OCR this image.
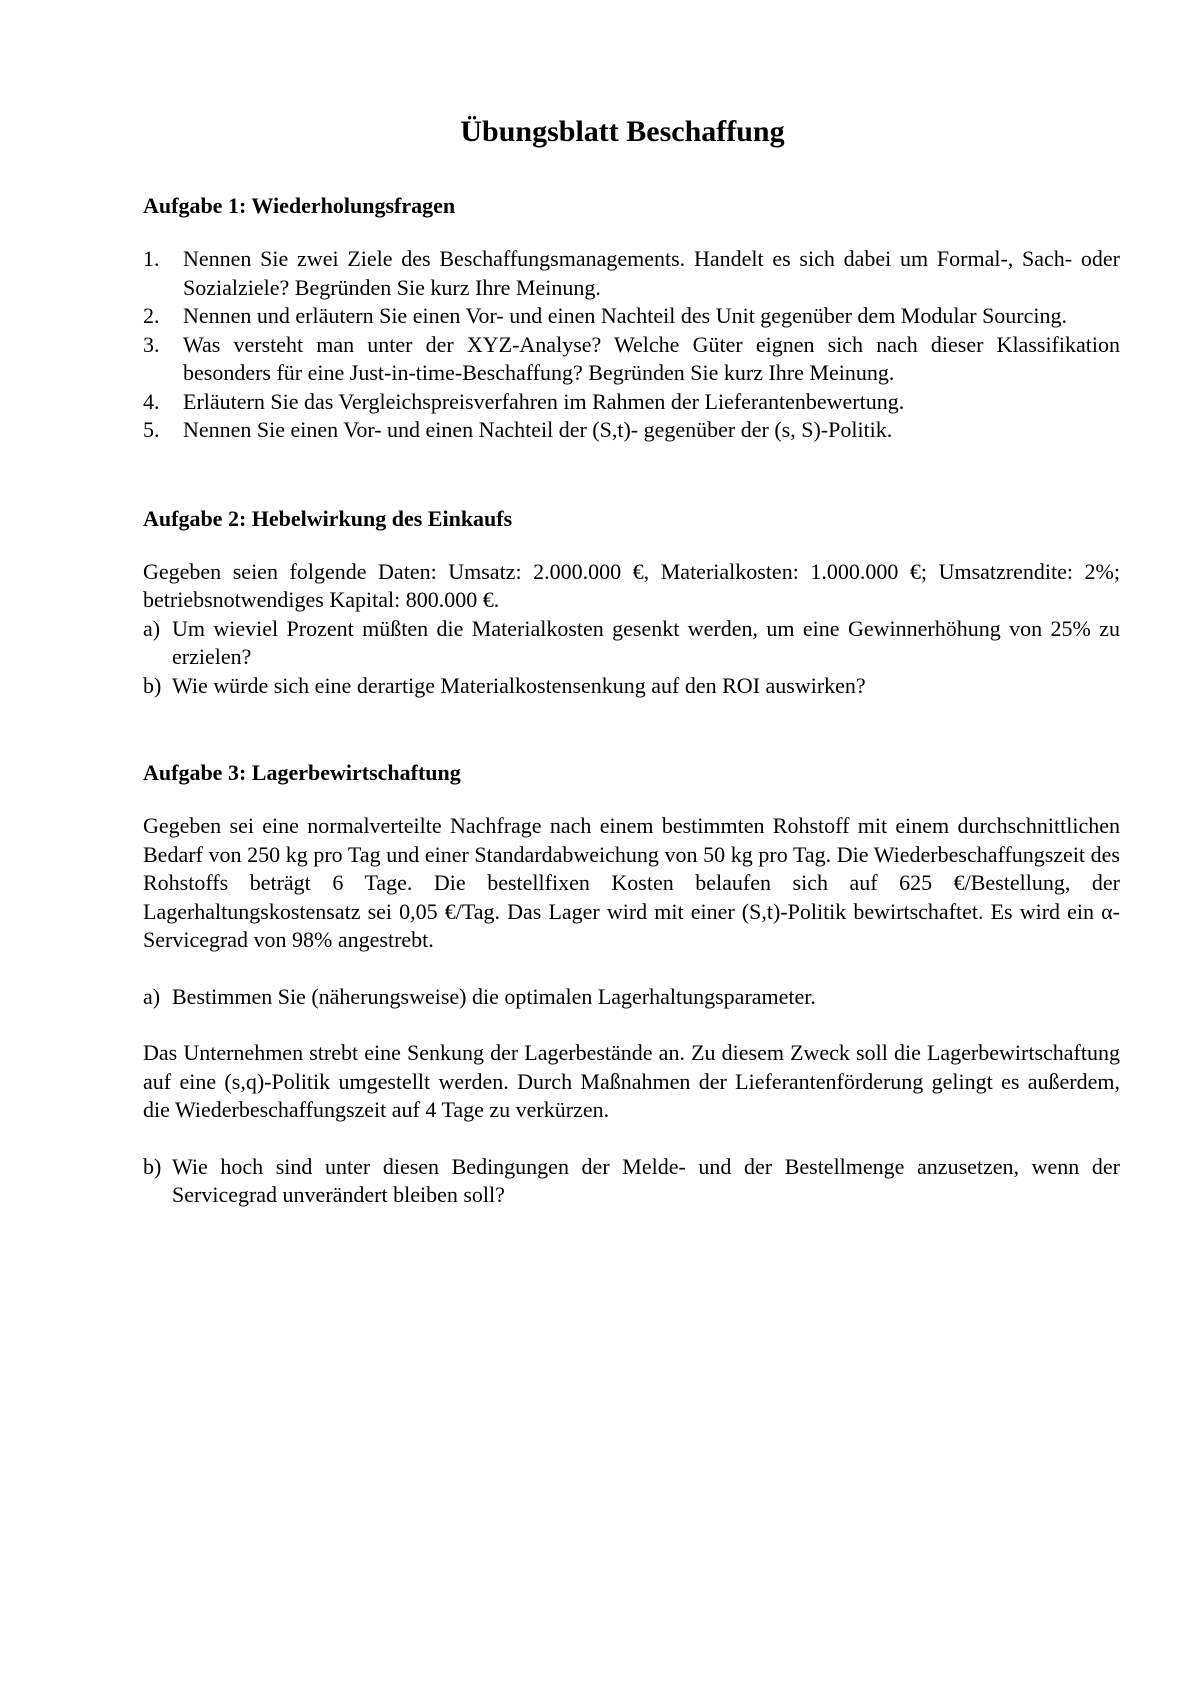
Übungsblatt Beschaffung
Aufgabe 1: Wiederholungsfragen
1. Nennen Sie zwei Ziele des Beschaffungsmanagements. Handelt es sich dabei um Formal-, Sach- oder Sozialziele? Begründen Sie kurz Ihre Meinung.
2. Nennen und erläutern Sie einen Vor- und einen Nachteil des Unit gegenüber dem Modular Sourcing.
3. Was versteht man unter der XYZ-Analyse? Welche Güter eignen sich nach dieser Klassifikation besonders für eine Just-in-time-Beschaffung? Begründen Sie kurz Ihre Meinung.
4. Erläutern Sie das Vergleichspreisverfahren im Rahmen der Lieferantenbewertung.
5. Nennen Sie einen Vor- und einen Nachteil der (S,t)- gegenüber der (s, S)-Politik.
Aufgabe 2: Hebelwirkung des Einkaufs

Gegeben seien folgende Daten: Umsatz: 2.000.000 €, Materialkosten: 1.000.000 €; Umsatzrendite: 2%; betriebsnotwendiges Kapital: 800.000 €.

a) Um wieviel Prozent müßten die Materialkosten gesenkt werden, um eine Gewinnerhöhung von 25% zu erzielen?
b) Wie würde sich eine derartige Materialkostensenkung auf den ROI auswirken?
Aufgabe 3: Lagerbewirtschaftung

Gegeben sei eine normalverteilte Nachfrage nach einem bestimmten Rohstoff mit einem durchschnittlichen Bedarf von 250 kg pro Tag und einer Standardabweichung von 50 kg pro Tag. Die Wiederbeschaffungszeit des Rohstoffs beträgt 6 Tage. Die bestellfixen Kosten belaufen sich auf 625 €/Bestellung, der Lagerhaltungskostensatz sei 0,05 €/Tag. Das Lager wird mit einer (S,t)-Politik bewirtschaftet. Es wird ein α-Servicegrad von 98% angestrebt.

a) Bestimmen Sie (näherungsweise) die optimalen Lagerhaltungsparameter.

Das Unternehmen strebt eine Senkung der Lagerbestände an. Zu diesem Zweck soll die Lagerbewirtschaftung auf eine (s,q)-Politik umgestellt werden. Durch Maßnahmen der Lieferantenförderung gelingt es außerdem, die Wiederbeschaffungszeit auf 4 Tage zu verkürzen.

b) Wie hoch sind unter diesen Bedingungen der Melde- und der Bestellmenge anzusetzen, wenn der Servicegrad unverändert bleiben soll?
